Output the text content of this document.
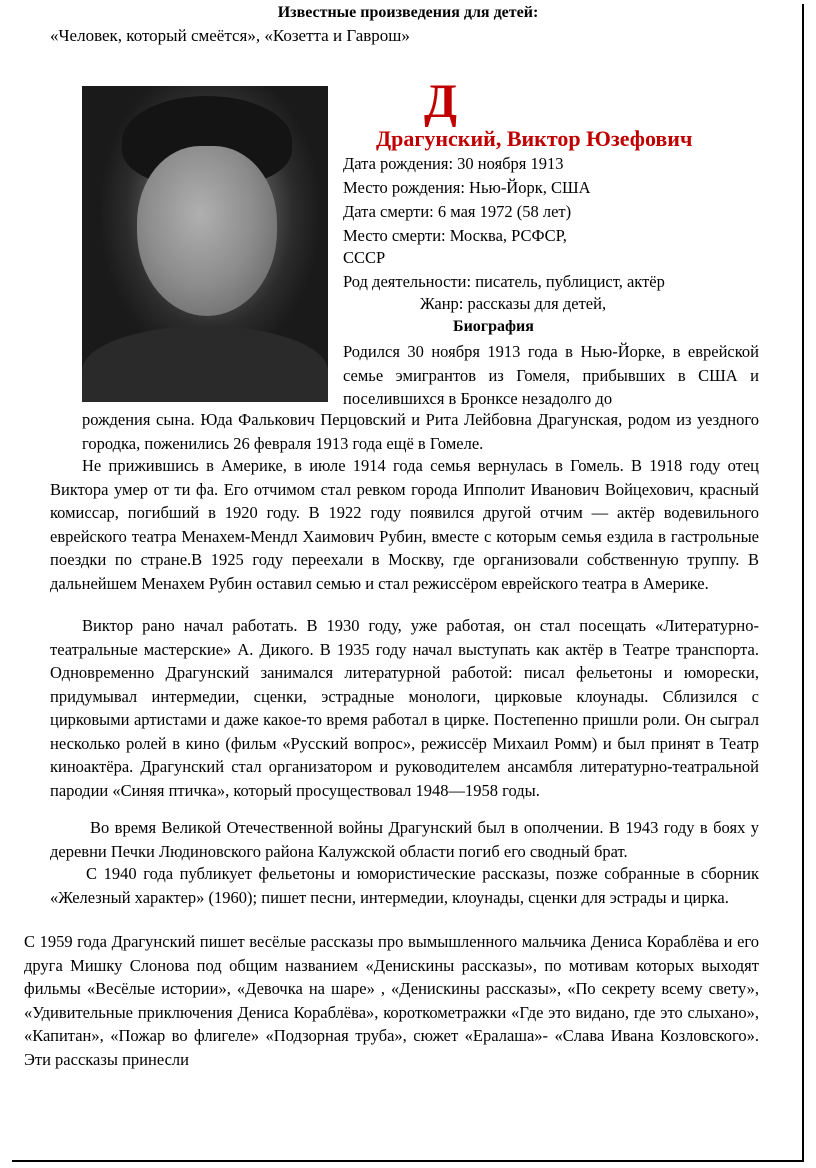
Известные произведения для детей:
«Человек, который смеётся», «Козетта и Гаврош»
Д
Драгунский, Виктор Юзефович
Дата рождения: 30 ноября 1913
Место рождения: Нью-Йорк, США
Дата смерти: 6 мая 1972 (58 лет)
Место смерти: Москва, РСФСР,
СССР
Род деятельности: писатель, публицист, актёр
Жанр: рассказы для детей,
Биография

Родился 30 ноября 1913 года в Нью-Йорке, в еврейской семье эмигрантов из Гомеля, прибывших в США и поселившихся в Бронксе незадолго до

рождения сына. Юда Фалькович Перцовский и Рита Лейбовна Драгунская, родом из уездного городка, поженились 26 февраля 1913 года ещё в Гомеле.

Не прижившись в Америке, в июле 1914 года семья вернулась в Гомель. В 1918 году отец Виктора умер от ти фа. Его отчимом стал ревком города Ипполит Иванович Войцехович, красный комиссар, погибший в 1920 году. В 1922 году появился другой отчим — актёр водевильного еврейского театра Менахем-Мендл Хаимович Рубин, вместе с которым семья ездила в гастрольные поездки по стране.В 1925 году переехали в Москву, где организовали собственную труппу. В дальнейшем Менахем Рубин оставил семью и стал режиссёром еврейского театра в Америке.

Виктор рано начал работать. В 1930 году, уже работая, он стал посещать «Литературно-театральные мастерские» А. Дикого. В 1935 году начал выступать как актёр в Театре транспорта. Одновременно Драгунский занимался литературной работой: писал фельетоны и юморески, придумывал интермедии, сценки, эстрадные монологи, цирковые клоунады. Сблизился с цирковыми артистами и даже какое-то время работал в цирке. Постепенно пришли роли. Он сыграл несколько ролей в кино (фильм «Русский вопрос», режиссёр Михаил Ромм) и был принят в Театр киноактёра. Драгунский стал организатором и руководителем ансамбля литературно-театральной пародии «Синяя птичка», который просуществовал 1948—1958 годы.

Во время Великой Отечественной войны Драгунский был в ополчении. В 1943 году в боях у деревни Печки Людиновского района Калужской области погиб его сводный брат.

С 1940 года публикует фельетоны и юмористические рассказы, позже собранные в сборник «Железный характер» (1960); пишет песни, интермедии, клоунады, сценки для эстрады и цирка.

С 1959 года Драгунский пишет весёлые рассказы про вымышленного мальчика Дениса Кораблёва и его друга Мишку Слонова под общим названием «Денискины рассказы», по мотивам которых выходят фильмы «Весёлые истории», «Девочка на шаре» , «Денискины рассказы», «По секрету всему свету», «Удивительные приключения Дениса Кораблёва», короткометражки «Где это видано, где это слыхано», «Капитан», «Пожар во флигеле» «Подзорная труба», сюжет «Ералаша»- «Слава Ивана Козловского». Эти рассказы принесли
